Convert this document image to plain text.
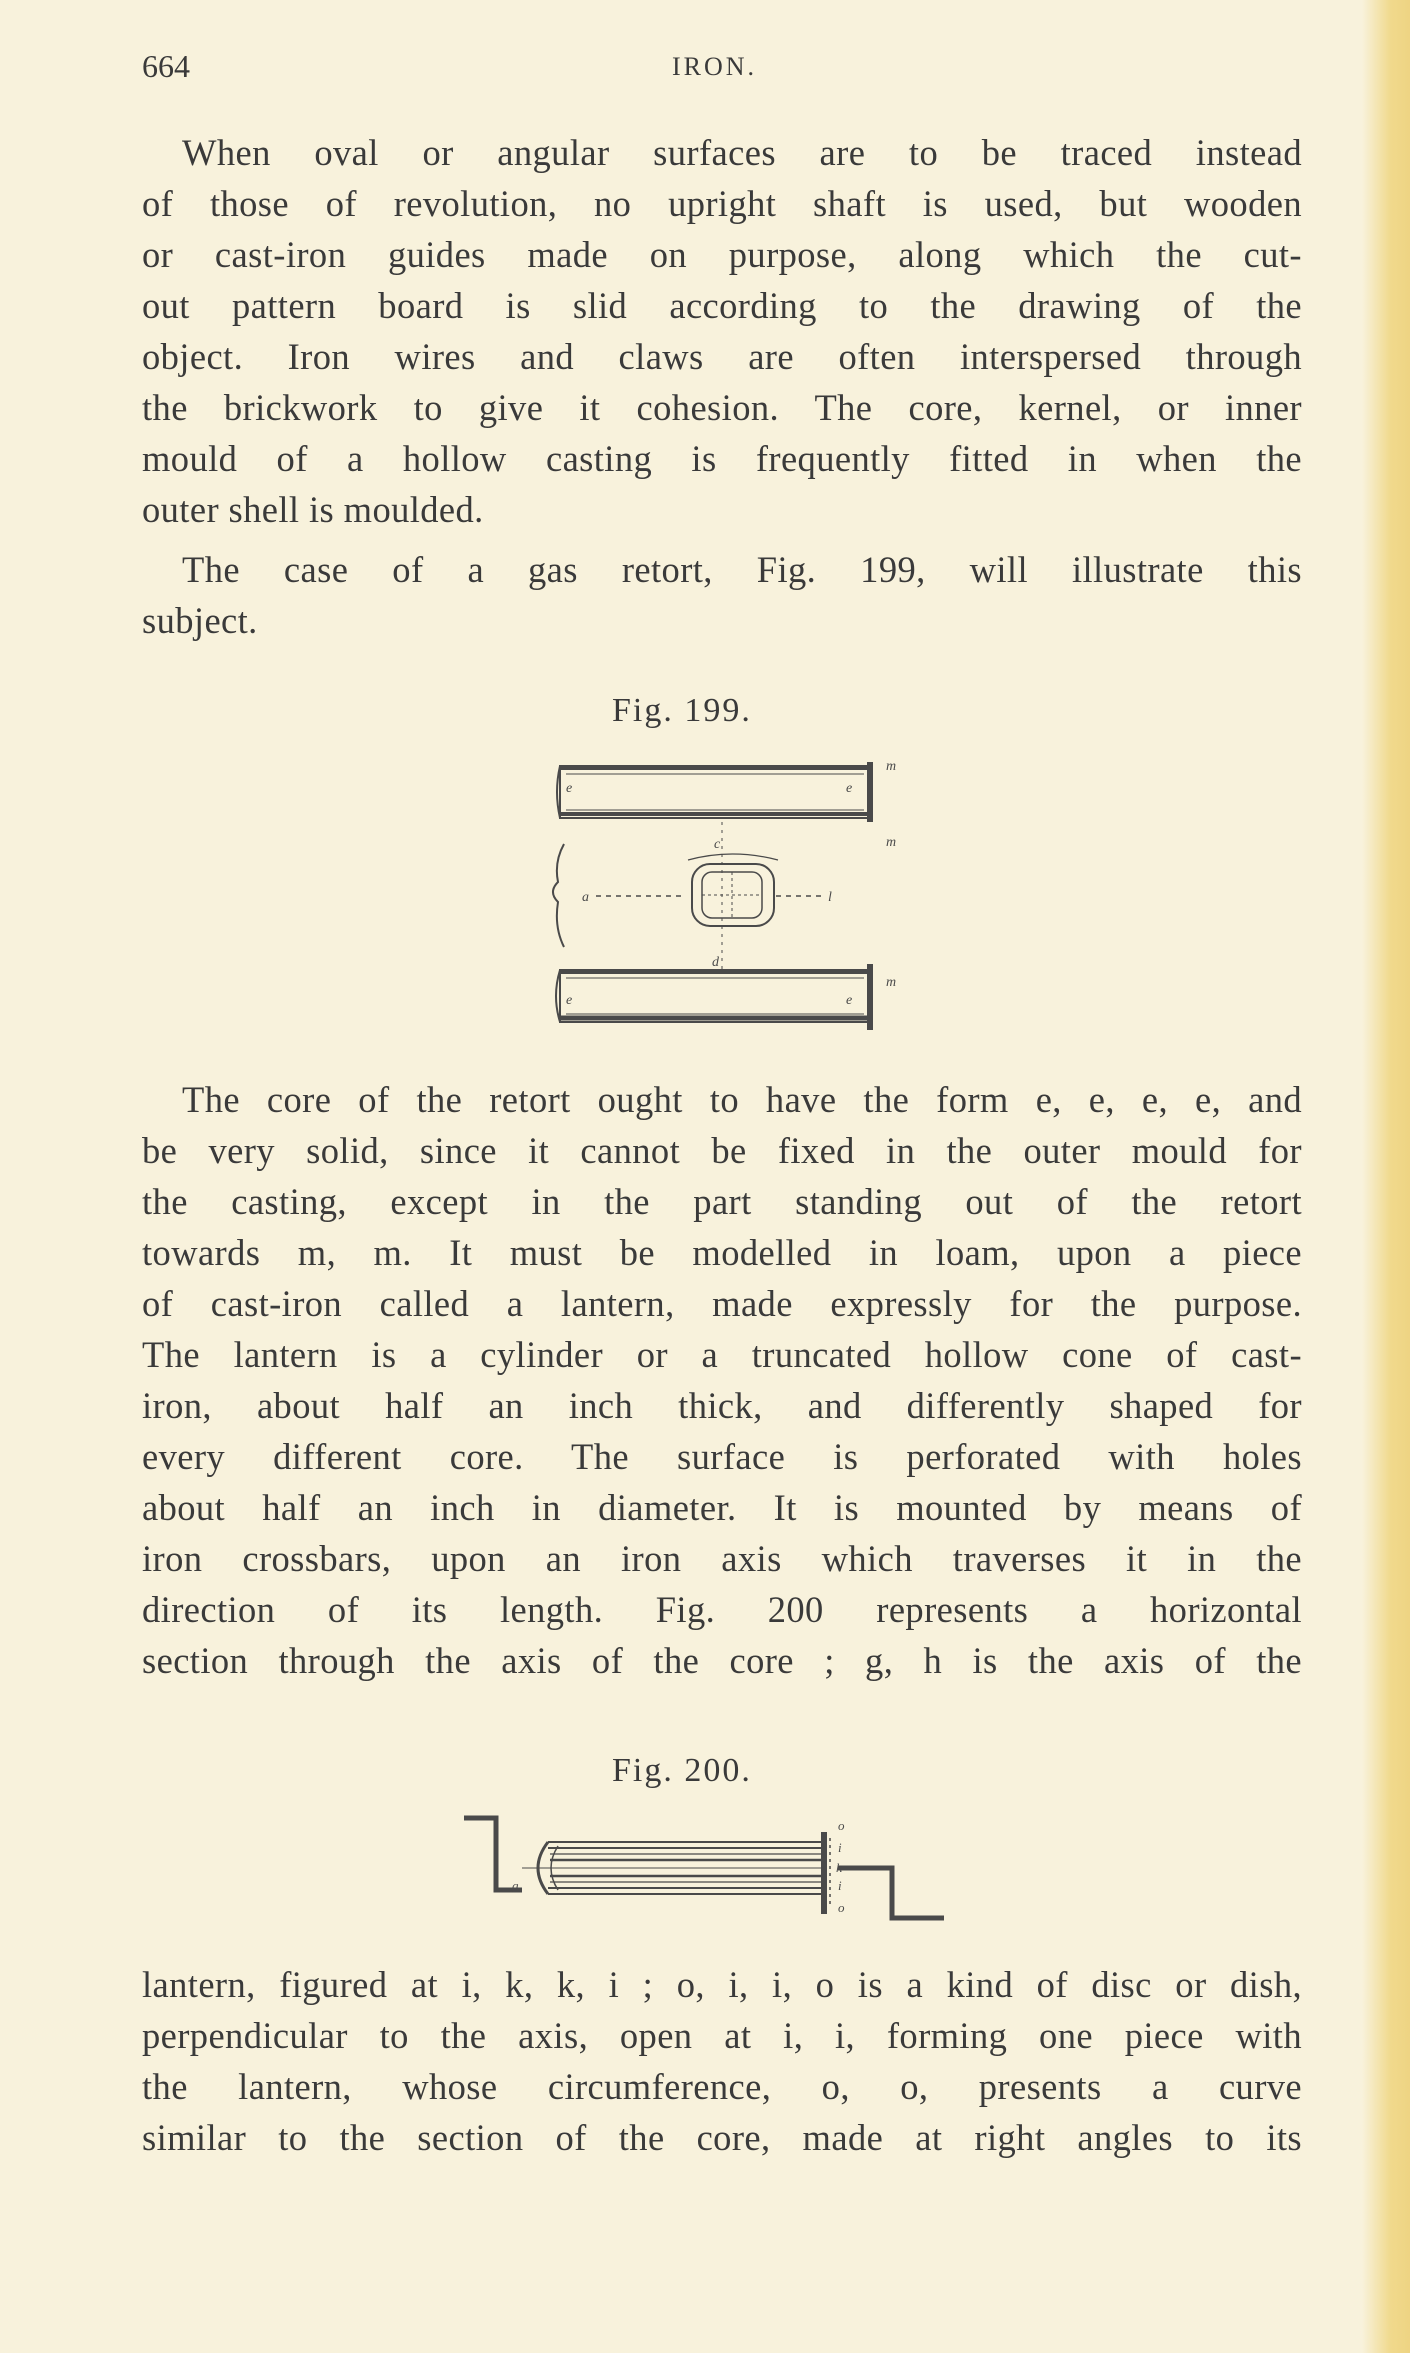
664	IRON.
When oval or angular surfaces are to be traced instead
of those of revolution, no upright shaft is used, but wooden
or cast-iron guides made on purpose, along which the cut-
out pattern board is slid according to the drawing of the
object. Iron wires and claws are often interspersed through
the brickwork to give it cohesion. The core, kernel, or inner
mould of a hollow casting is frequently fitted in when the
outer shell is moulded.
The case of a gas retort, Fig. 199, will illustrate this
subject.
Fig. 199.
m
m
m
e	e
e	e
a	l
d
c
The core of the retort ought to have the form e, e, e, e, and
be very solid, since it cannot be fixed in the outer mould for
the casting, except in the part standing out of the retort
towards m, m. It must be modelled in loam, upon a piece
of cast-iron called a lantern, made expressly for the purpose.
The lantern is a cylinder or a truncated hollow cone of cast-
iron, about half an inch thick, and differently shaped for
every different core. The surface is perforated with holes
about half an inch in diameter. It is mounted by means of
iron crossbars, upon an iron axis which traverses it in the
direction of its length. Fig. 200 represents a horizontal
section through the axis of the core ; g, h is the axis of the
Fig. 200.
o
i
g	i
o
h
lantern, figured at i, k, k, i ; o, i, i, o is a kind of disc or dish,
perpendicular to the axis, open at i, i, forming one piece with
the lantern, whose circumference, o, o, presents a curve
similar to the section of the core, made at right angles to its
